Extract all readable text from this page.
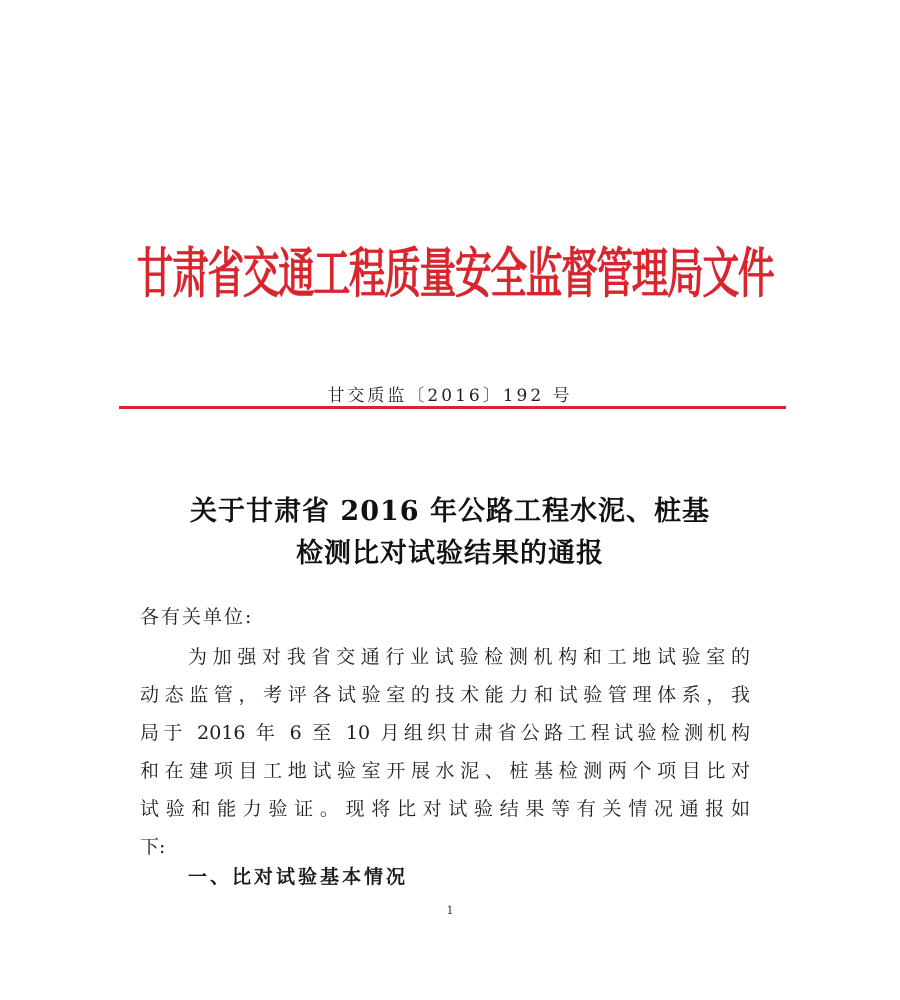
甘肃省交通工程质量安全监督管理局文件
甘交质监〔2016〕192 号
关于甘肃省 2016 年公路工程水泥、桩基
检测比对试验结果的通报
各有关单位:
为加强对我省交通行业试验检测机构和工地试验室的
动态监管，考评各试验室的技术能力和试验管理体系，我
局于 2016 年 6 至 10 月组织甘肃省公路工程试验检测机构
和在建项目工地试验室开展水泥、桩基检测两个项目比对
试验和能力验证。现将比对试验结果等有关情况通报如
下:
一、比对试验基本情况
1
